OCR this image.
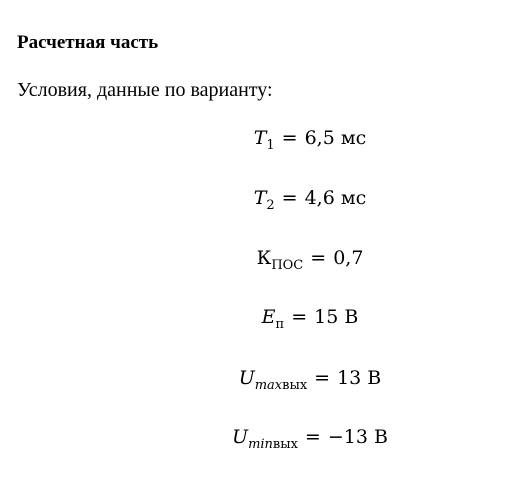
Расчетная часть
Условия, данные по варианту:
$T_1 = 6,5$ мс
$T_2 = 4,6$ мс
$К_{ПОС} = 0,7$
$E_п = 15$ В
$U_{maxвых} = 13$ В
$U_{minвых} = -13$ В
